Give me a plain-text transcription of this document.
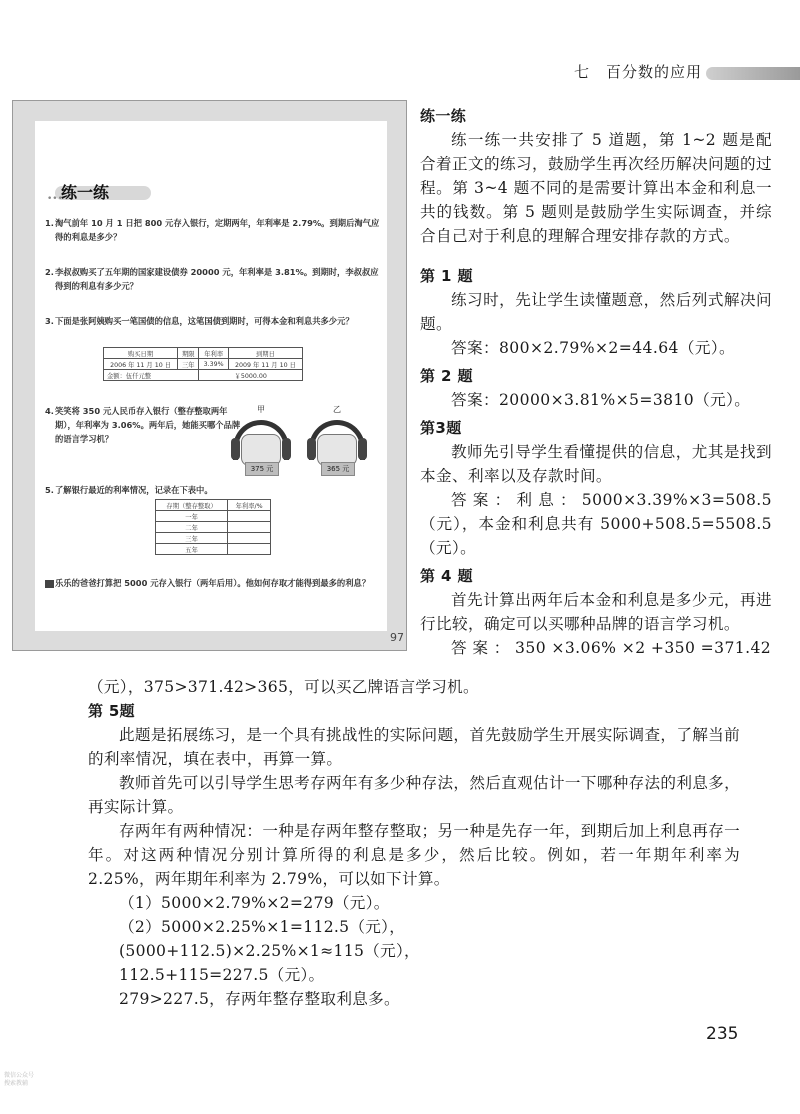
七　百分数的应用
•••
练一练
1. 淘气前年 10 月 1 日把 800 元存入银行，定期两年，年利率是 2.79%。到期后淘气应得的利息是多少？
2. 李叔叔购买了五年期的国家建设债券 20000 元，年利率是 3.81%。到期时，李叔叔应得到的利息有多少元？
3. 下面是张阿姨购买一笔国债的信息，这笔国债到期时，可得本金和利息共多少元？
购买日期	期限	年利率	到期日
2006 年 11 月 10 日	三年	3.39%	2009 年 11 月 10 日
金额：伍仟元整		￥5000.00	
4. 笑笑将 350 元人民币存入银行（整存整取两年期），年利率为 3.06%。两年后，她能买哪个品牌的语言学习机？
甲
375 元
乙
365 元
5. 了解银行最近的利率情况，记录在下表中。
存期（整存整取）	年利率/%
一年	
二年	
三年	
五年	
乐乐的爸爸打算把 5000 元存入银行（两年后用）。他如何存取才能得到最多的利息？
97
练一练
练一练一共安排了 5 道题，第 1~2 题是配合着正文的练习，鼓励学生再次经历解决问题的过程。第 3~4 题不同的是需要计算出本金和利息一共的钱数。第 5 题则是鼓励学生实际调查，并综合自己对于利息的理解合理安排存款的方式。
第 1 题
练习时，先让学生读懂题意，然后列式解决问题。
答案：800×2.79%×2=44.64（元）。
第 2 题
答案：20000×3.81%×5=3810（元）。
第3题
教师先引导学生看懂提供的信息，尤其是找到本金、利率以及存款时间。
答案：利息：5000×3.39%×3=508.5（元），本金和利息共有 5000+508.5=5508.5（元）。
第 4 题
首先计算出两年后本金和利息是多少元，再进行比较，确定可以买哪种品牌的语言学习机。
答 案 ： 350 ×3.06% ×2 +350 =371.42
（元），375>371.42>365，可以买乙牌语言学习机。
第 5题
此题是拓展练习，是一个具有挑战性的实际问题，首先鼓励学生开展实际调查，了解当前的利率情况，填在表中，再算一算。
教师首先可以引导学生思考存两年有多少种存法，然后直观估计一下哪种存法的利息多，再实际计算。
存两年有两种情况：一种是存两年整存整取；另一种是先存一年，到期后加上利息再存一年。对这两种情况分别计算所得的利息是多少，然后比较。例如，若一年期年利率为 2.25%，两年期年利率为 2.79%，可以如下计算。
（1）5000×2.79%×2=279（元）。
（2）5000×2.25%×1=112.5（元），
(5000+112.5)×2.25%×1≈115（元），
112.5+115=227.5（元）。
279>227.5，存两年整存整取利息多。
235
微信公众号
搜索教辅
